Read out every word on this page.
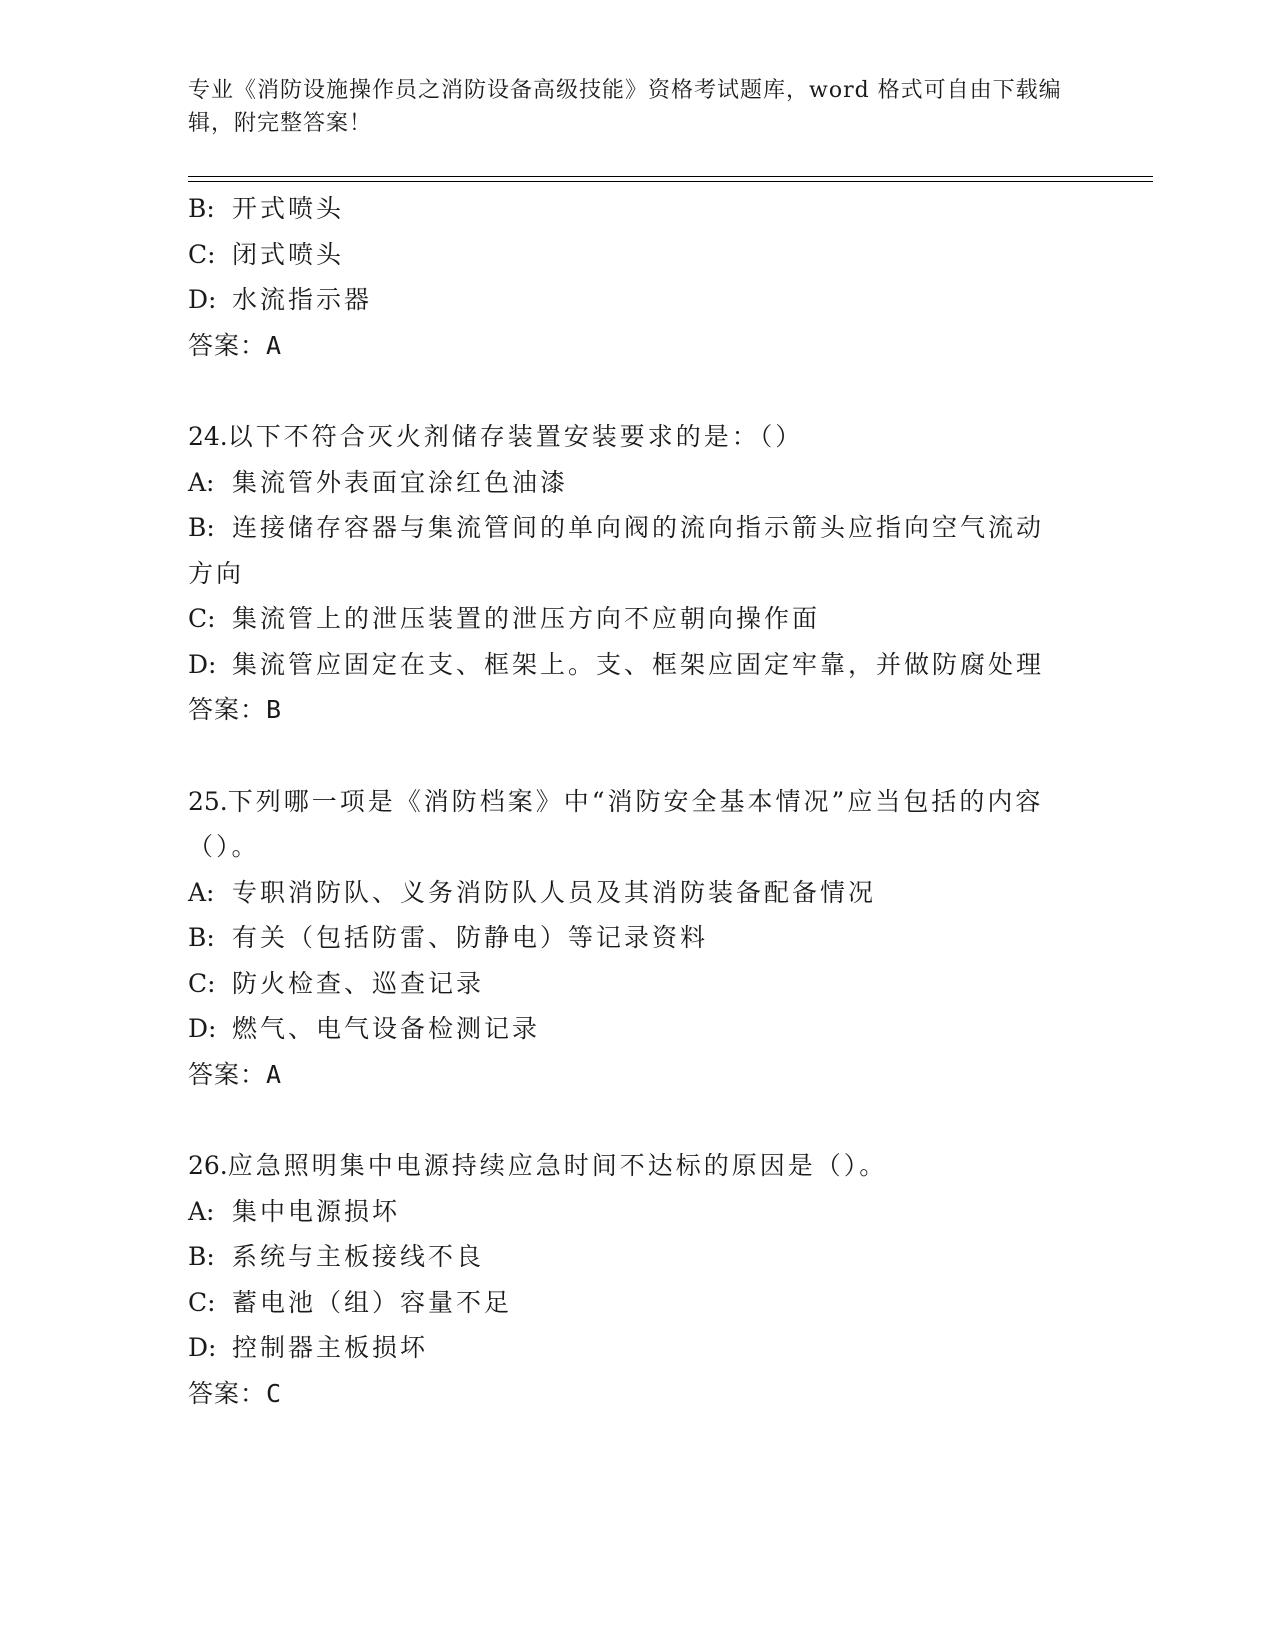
专业《消防设施操作员之消防设备高级技能》资格考试题库，word 格式可自由下载编辑，附完整答案！
B: 开式喷头
C: 闭式喷头
D: 水流指示器
答案：A
24.以下不符合灭火剂储存装置安装要求的是：（）
A: 集流管外表面宜涂红色油漆
B: 连接储存容器与集流管间的单向阀的流向指示箭头应指向空气流动方向
C: 集流管上的泄压装置的泄压方向不应朝向操作面
D: 集流管应固定在支、框架上。支、框架应固定牢靠，并做防腐处理
答案：B
25.下列哪一项是《消防档案》中“消防安全基本情况”应当包括的内容（）。
A: 专职消防队、义务消防队人员及其消防装备配备情况
B: 有关（包括防雷、防静电）等记录资料
C: 防火检查、巡查记录
D: 燃气、电气设备检测记录
答案：A
26.应急照明集中电源持续应急时间不达标的原因是（）。
A: 集中电源损坏
B: 系统与主板接线不良
C: 蓄电池（组）容量不足
D: 控制器主板损坏
答案：C
